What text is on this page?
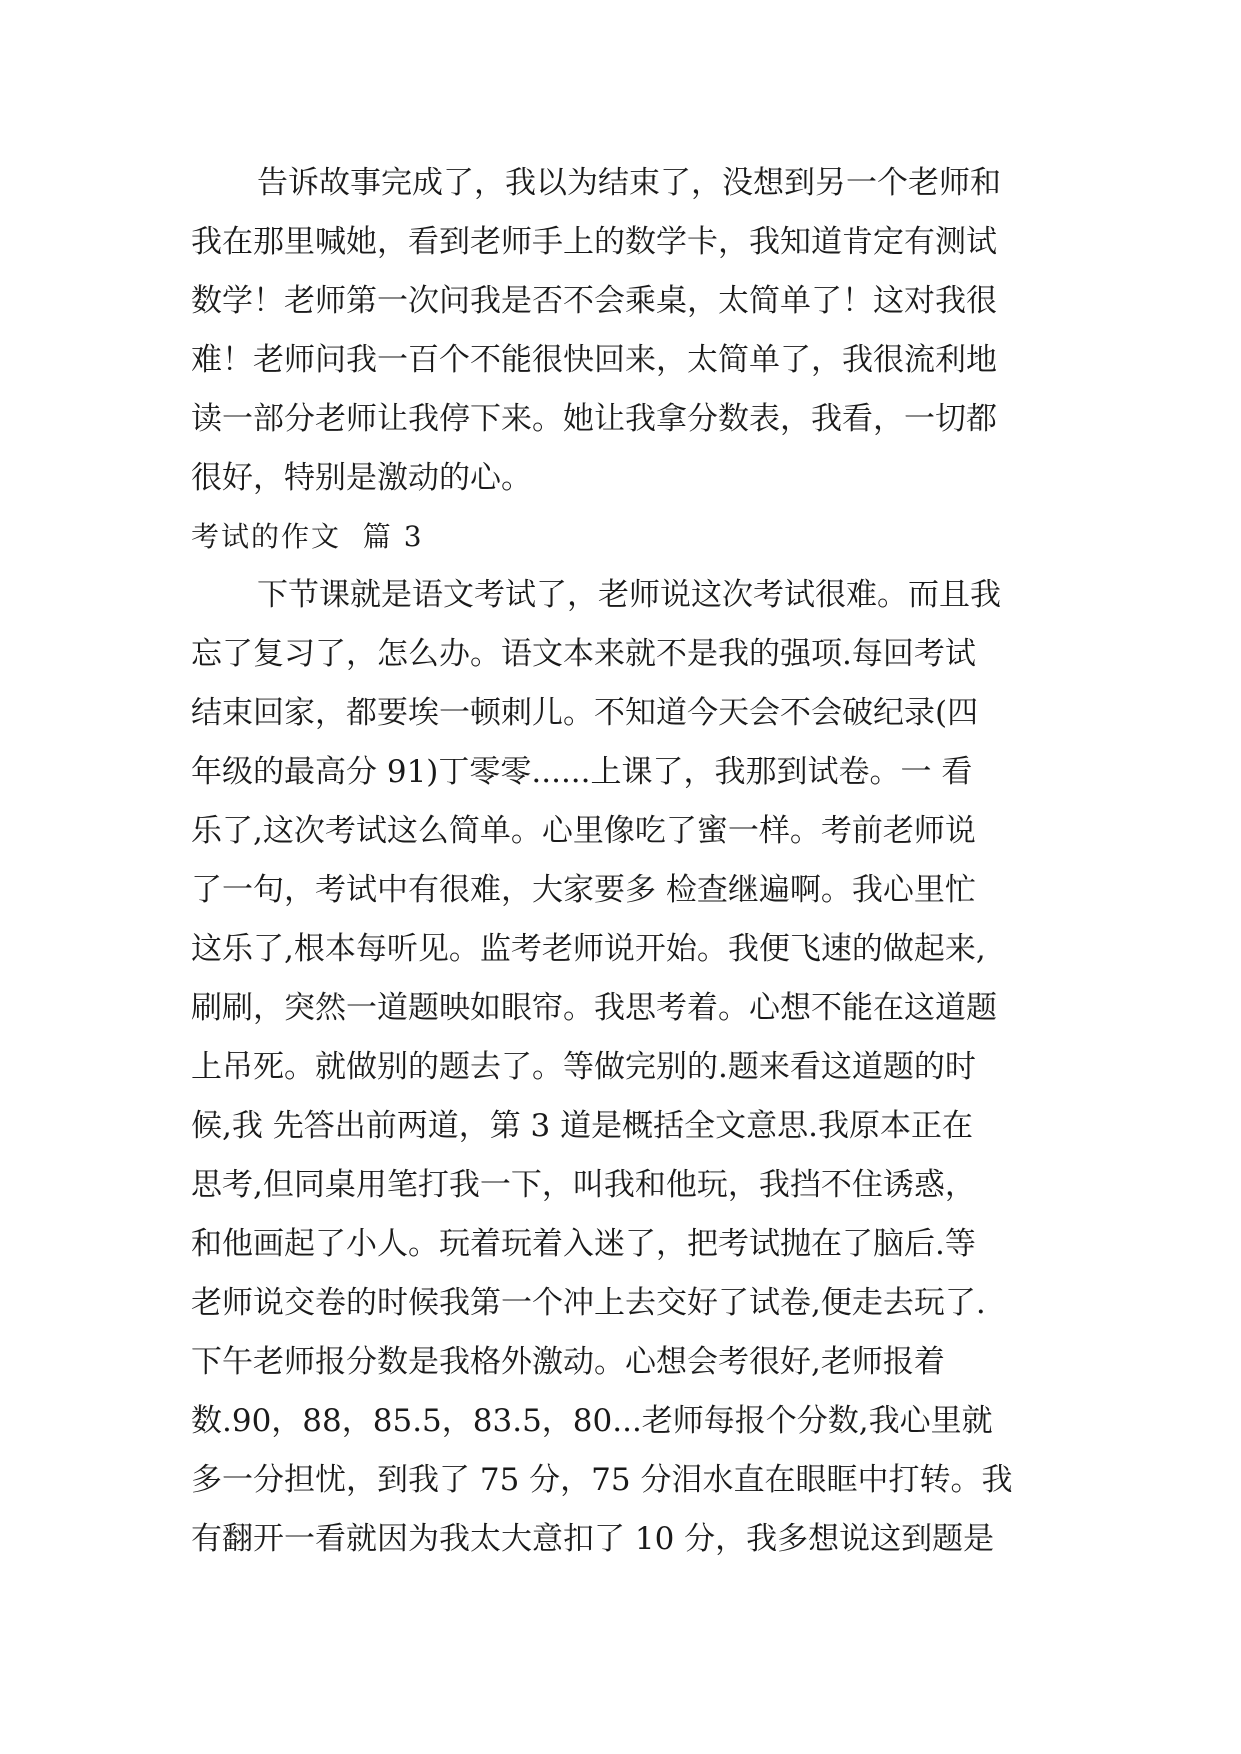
告诉故事完成了，我以为结束了，没想到另一个老师和
我在那里喊她，看到老师手上的数学卡，我知道肯定有测试
数学！老师第一次问我是否不会乘桌，太简单了！这对我很
难！老师问我一百个不能很快回来，太简单了，我很流利地
读一部分老师让我停下来。她让我拿分数表，我看，一切都
很好，特别是激动的心。
考试的作文  篇 3
下节课就是语文考试了，老师说这次考试很难。而且我
忘了复习了，怎么办。语文本来就不是我的强项.每回考试
结束回家，都要埃一顿刺儿。不知道今天会不会破纪录(四
年级的最高分 91)丁零零......上课了，我那到试卷。一 看
乐了,这次考试这么简单。心里像吃了蜜一样。考前老师说
了一句，考试中有很难，大家要多 检查继遍啊。我心里忙
这乐了,根本每听见。监考老师说开始。我便飞速的做起来,
刷刷，突然一道题映如眼帘。我思考着。心想不能在这道题
上吊死。就做别的题去了。等做完别的.题来看这道题的时
候,我 先答出前两道，第 3 道是概括全文意思.我原本正在
思考,但同桌用笔打我一下，叫我和他玩，我挡不住诱惑，
和他画起了小人。玩着玩着入迷了，把考试抛在了脑后.等
老师说交卷的时候我第一个冲上去交好了试卷,便走去玩了.
下午老师报分数是我格外激动。心想会考很好,老师报着
数.90，88，85.5，83.5，80...老师每报个分数,我心里就
多一分担忧，到我了 75 分，75 分泪水直在眼眶中打转。我
有翻开一看就因为我太大意扣了 10 分，我多想说这到题是
